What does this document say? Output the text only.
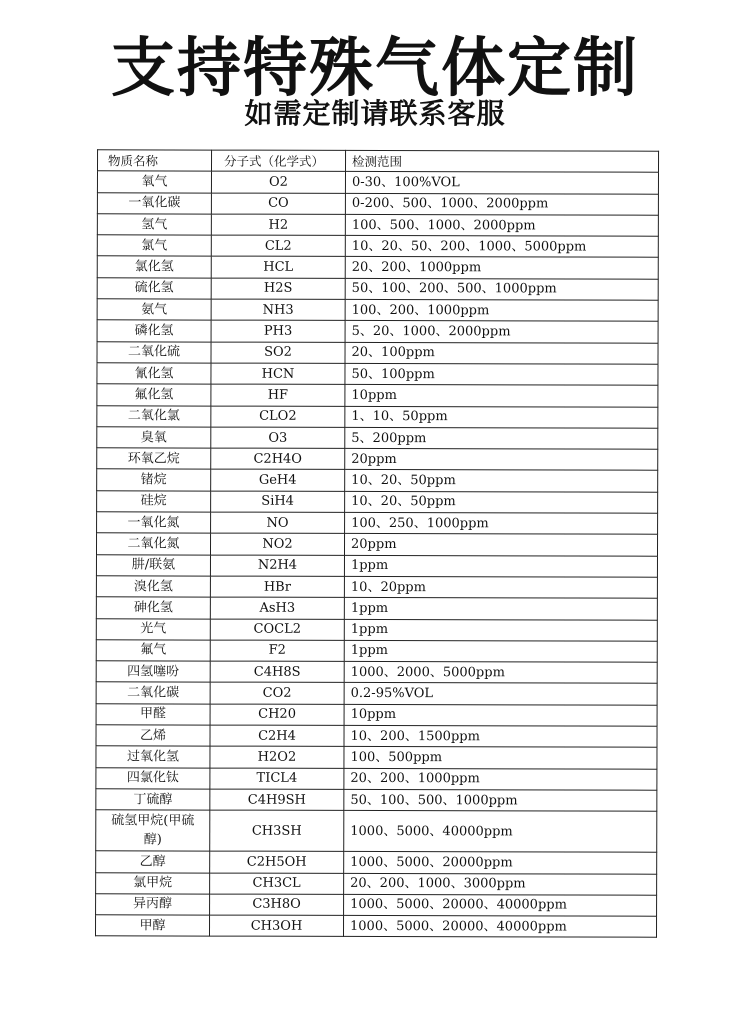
支持特殊气体定制
如需定制请联系客服
物质名称	分子式（化学式）	检测范围
氧气	O2	0-30、100%VOL
一氧化碳	CO	0-200、500、1000、2000ppm
氢气	H2	100、500、1000、2000ppm
氯气	CL2	10、20、50、200、1000、5000ppm
氯化氢	HCL	20、200、1000ppm
硫化氢	H2S	50、100、200、500、1000ppm
氨气	NH3	100、200、1000ppm
磷化氢	PH3	5、20、1000、2000ppm
二氧化硫	SO2	20、100ppm
氰化氢	HCN	50、100ppm
氟化氢	HF	10ppm
二氧化氯	CLO2	1、10、50ppm
臭氧	O3	5、200ppm
环氧乙烷	C2H4O	20ppm
锗烷	GeH4	10、20、50ppm
硅烷	SiH4	10、20、50ppm
一氧化氮	NO	100、250、1000ppm
二氧化氮	NO2	20ppm
肼/联氨	N2H4	1ppm
溴化氢	HBr	10、20ppm
砷化氢	AsH3	1ppm
光气	COCL2	1ppm
氟气	F2	1ppm
四氢噻吩	C4H8S	1000、2000、5000ppm
二氧化碳	CO2	0.2-95%VOL
甲醛	CH20	10ppm
乙烯	C2H4	10、200、1500ppm
过氧化氢	H2O2	100、500ppm
四氯化钛	TICL4	20、200、1000ppm
丁硫醇	C4H9SH	50、100、500、1000ppm
硫氢甲烷(甲硫醇)	CH3SH	1000、5000、40000ppm
乙醇	C2H5OH	1000、5000、20000ppm
氯甲烷	CH3CL	20、200、1000、3000ppm
异丙醇	C3H8O	1000、5000、20000、40000ppm
甲醇	CH3OH	1000、5000、20000、40000ppm
